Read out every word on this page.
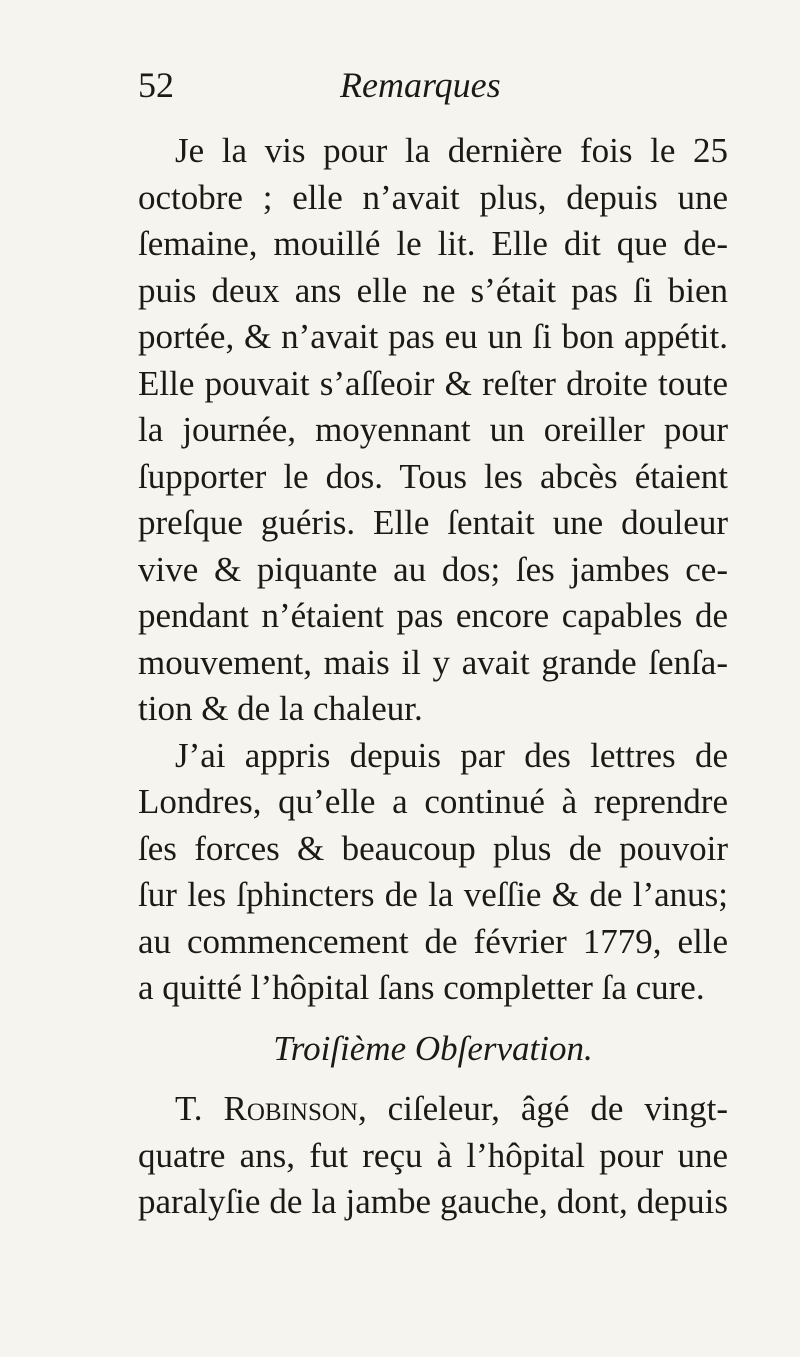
52	Remarques
Je la vis pour la dernière fois le 25
octobre ; elle n’avait plus, depuis une
ſemaine, mouillé le lit. Elle dit que de-
puis deux ans elle ne s’était pas ſi bien
portée, & n’avait pas eu un ſi bon appétit.
Elle pouvait s’aſſeoir & reſter droite toute
la journée, moyennant un oreiller pour
ſupporter le dos. Tous les abcès étaient
preſque guéris. Elle ſentait une douleur
vive & piquante au dos; ſes jambes ce-
pendant n’étaient pas encore capables de
mouvement, mais il y avait grande ſenſa-
tion & de la chaleur.
J’ai appris depuis par des lettres de
Londres, qu’elle a continué à reprendre
ſes forces & beaucoup plus de pouvoir
ſur les ſphincters de la veſſie & de l’anus;
au commencement de février 1779, elle
a quitté l’hôpital ſans completter ſa cure.
Troiſième Obſervation.
T. Robinson, ciſeleur, âgé de vingt-
quatre ans, fut reçu à l’hôpital pour une
paralyſie de la jambe gauche, dont, depuis
